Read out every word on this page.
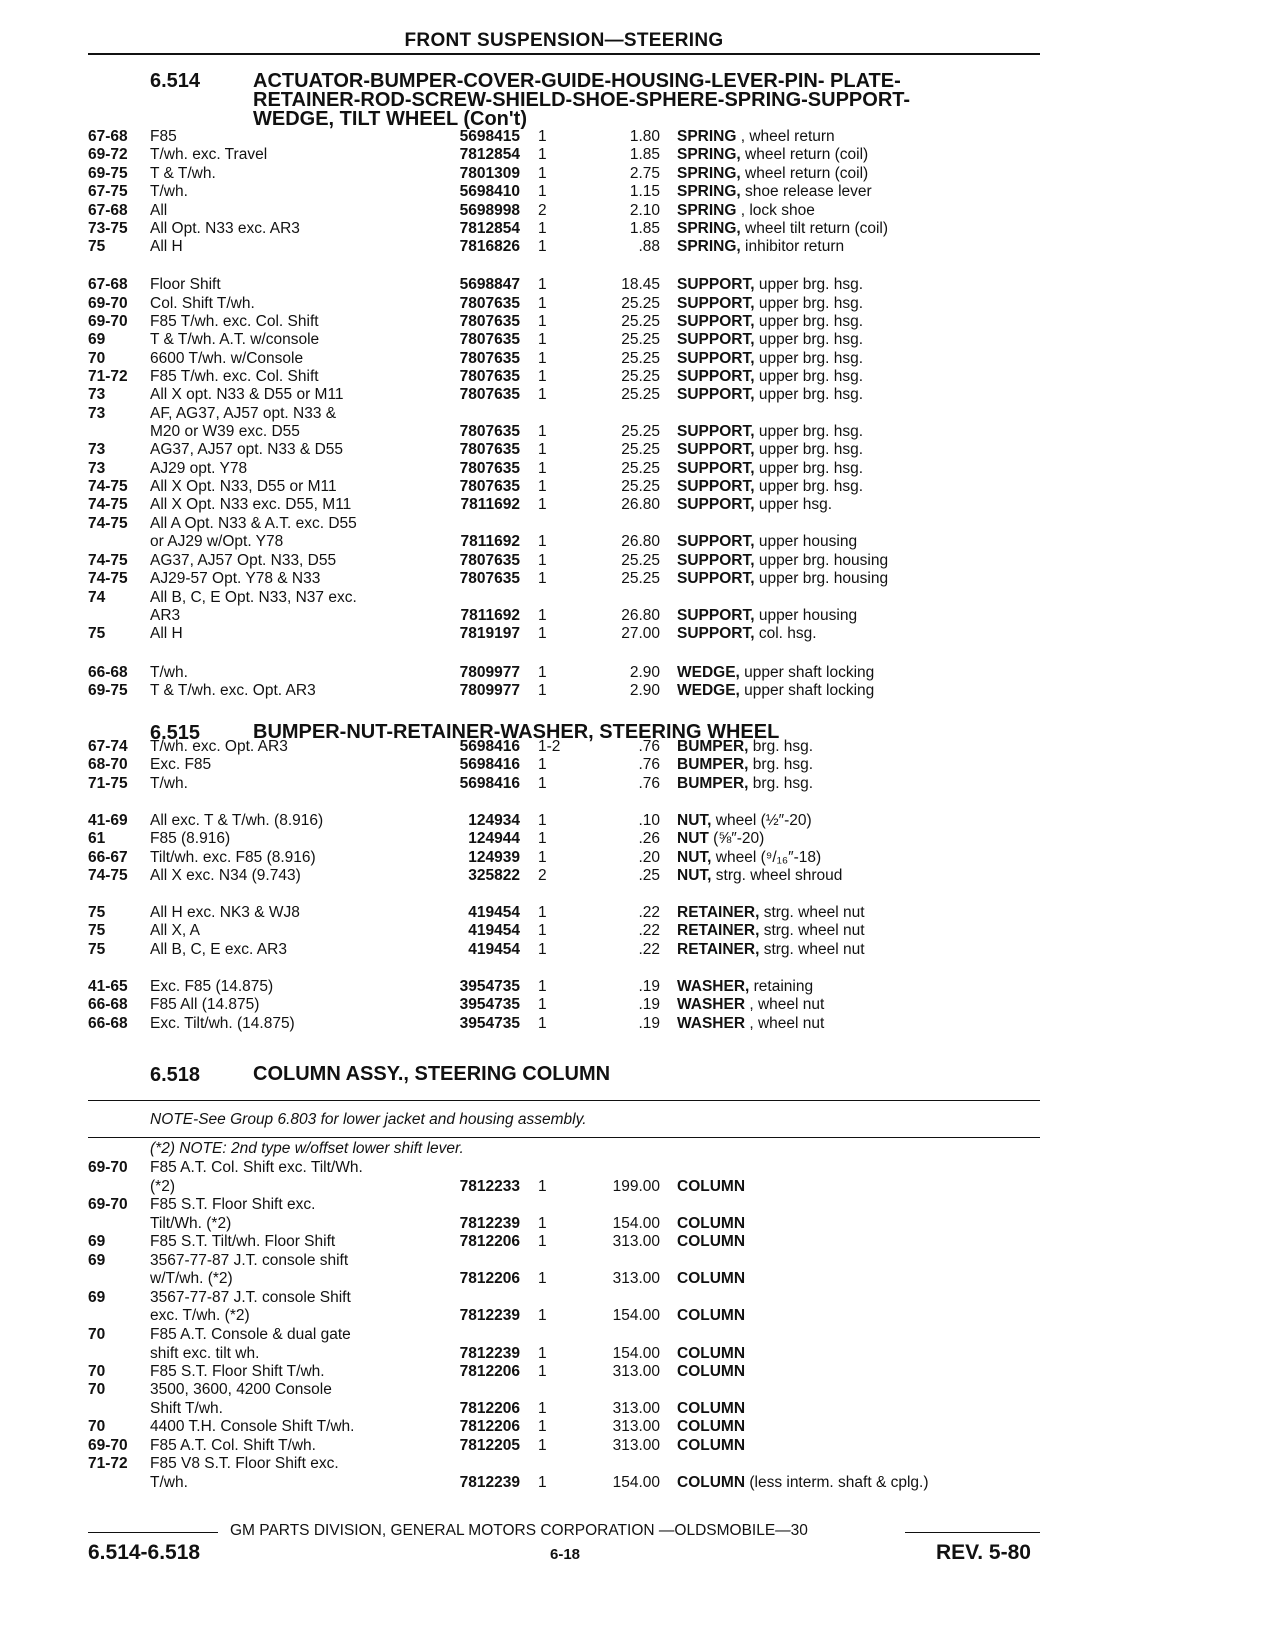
FRONT SUSPENSION—STEERING
6.514	ACTUATOR-BUMPER-COVER-GUIDE-HOUSING-LEVER-PIN- PLATE-
RETAINER-ROD-SCREW-SHIELD-SHOE-SPHERE-SPRING-SUPPORT-
WEDGE, TILT WHEEL (Con't)
6.515	BUMPER-NUT-RETAINER-WASHER, STEERING WHEEL
6.518	COLUMN ASSY., STEERING COLUMN
NOTE-See Group 6.803 for lower jacket and housing assembly.
67-68	F85	5698415 1	1.80 SPRING , wheel return
69-72	T/wh. exc. Travel	7812854 1	1.85 SPRING, wheel return (coil)
69-75	T & T/wh.	7801309 1	2.75 SPRING, wheel return (coil)
67-75	T/wh.	5698410 1	1.15 SPRING, shoe release lever
67-68	All	5698998 2	2.10 SPRING , lock shoe
73-75	All Opt. N33 exc. AR3	7812854 1	1.85 SPRING, wheel tilt return (coil)
75	All H	7816826 1	.88 SPRING, inhibitor return
67-68	Floor Shift	5698847 1	18.45 SUPPORT, upper brg. hsg.
69-70	Col. Shift T/wh.	7807635 1	25.25 SUPPORT, upper brg. hsg.
69-70	F85 T/wh. exc. Col. Shift	7807635 1	25.25 SUPPORT, upper brg. hsg.
69	T & T/wh. A.T. w/console	7807635 1	25.25 SUPPORT, upper brg. hsg.
70	6600 T/wh. w/Console	7807635 1	25.25 SUPPORT, upper brg. hsg.
71-72	F85 T/wh. exc. Col. Shift	7807635 1	25.25 SUPPORT, upper brg. hsg.
73	All X opt. N33 & D55 or M11	7807635 1	25.25 SUPPORT, upper brg. hsg.
73	AF, AG37, AJ57 opt. N33 &
M20 or W39 exc. D55	7807635 1	25.25 SUPPORT, upper brg. hsg.
73	AG37, AJ57 opt. N33 & D55	7807635 1	25.25 SUPPORT, upper brg. hsg.
73	AJ29 opt. Y78	7807635 1	25.25 SUPPORT, upper brg. hsg.
74-75	All X Opt. N33, D55 or M11	7807635 1	25.25 SUPPORT, upper brg. hsg.
74-75	All X Opt. N33 exc. D55, M11	7811692 1	26.80 SUPPORT, upper hsg.
74-75	All A Opt. N33 & A.T. exc. D55
or AJ29 w/Opt. Y78	7811692 1	26.80 SUPPORT, upper housing
74-75	AG37, AJ57 Opt. N33, D55	7807635 1	25.25 SUPPORT, upper brg. housing
74-75	AJ29-57 Opt. Y78 & N33	7807635 1	25.25 SUPPORT, upper brg. housing
74	All B, C, E Opt. N33, N37 exc.
AR3	7811692 1	26.80 SUPPORT, upper housing
75	All H	7819197 1	27.00 SUPPORT, col. hsg.
66-68	T/wh.	7809977 1	2.90 WEDGE, upper shaft locking
69-75	T & T/wh. exc. Opt. AR3	7809977 1	2.90 WEDGE, upper shaft locking
67-74	T/wh. exc. Opt. AR3	5698416 1-2	.76 BUMPER, brg. hsg.
68-70	Exc. F85	5698416 1	.76 BUMPER, brg. hsg.
71-75	T/wh.	5698416 1	.76 BUMPER, brg. hsg.
41-69	All exc. T & T/wh. (8.916)	124934 1	.10 NUT, wheel (½″-20)
61	F85 (8.916)	124944 1	.26 NUT (⅝″-20)
66-67	Tilt/wh. exc. F85 (8.916)	124939 1	.20 NUT, wheel (⁹/₁₆″-18)
74-75	All X exc. N34 (9.743)	325822 2	.25 NUT, strg. wheel shroud
75	All H exc. NK3 & WJ8	419454 1	.22 RETAINER, strg. wheel nut
75	All X, A	419454 1	.22 RETAINER, strg. wheel nut
75	All B, C, E exc. AR3	419454 1	.22 RETAINER, strg. wheel nut
41-65	Exc. F85 (14.875)	3954735 1	.19 WASHER, retaining
66-68	F85 All (14.875)	3954735 1	.19 WASHER , wheel nut
66-68	Exc. Tilt/wh. (14.875)	3954735 1	.19 WASHER , wheel nut
(*2) NOTE: 2nd type w/offset lower shift lever.
69-70	F85 A.T. Col. Shift exc. Tilt/Wh.
(*2)	7812233 1	199.00 COLUMN
69-70	F85 S.T. Floor Shift exc.
Tilt/Wh. (*2)	7812239 1	154.00 COLUMN
69	F85 S.T. Tilt/wh. Floor Shift	7812206 1	313.00 COLUMN
69	3567-77-87 J.T. console shift
w/T/wh. (*2)	7812206 1	313.00 COLUMN
69	3567-77-87 J.T. console Shift
exc. T/wh. (*2)	7812239 1	154.00 COLUMN
70	F85 A.T. Console & dual gate
shift exc. tilt wh.	7812239 1	154.00 COLUMN
70	F85 S.T. Floor Shift T/wh.	7812206 1	313.00 COLUMN
70	3500, 3600, 4200 Console
Shift T/wh.	7812206 1	313.00 COLUMN
70	4400 T.H. Console Shift T/wh.	7812206 1	313.00 COLUMN
69-70	F85 A.T. Col. Shift T/wh.	7812205 1	313.00 COLUMN
71-72	F85 V8 S.T. Floor Shift exc.
T/wh.	7812239 1	154.00 COLUMN (less interm. shaft & cplg.)
GM PARTS DIVISION, GENERAL MOTORS CORPORATION —OLDSMOBILE—30
6.514-6.518	6-18	REV. 5-80
